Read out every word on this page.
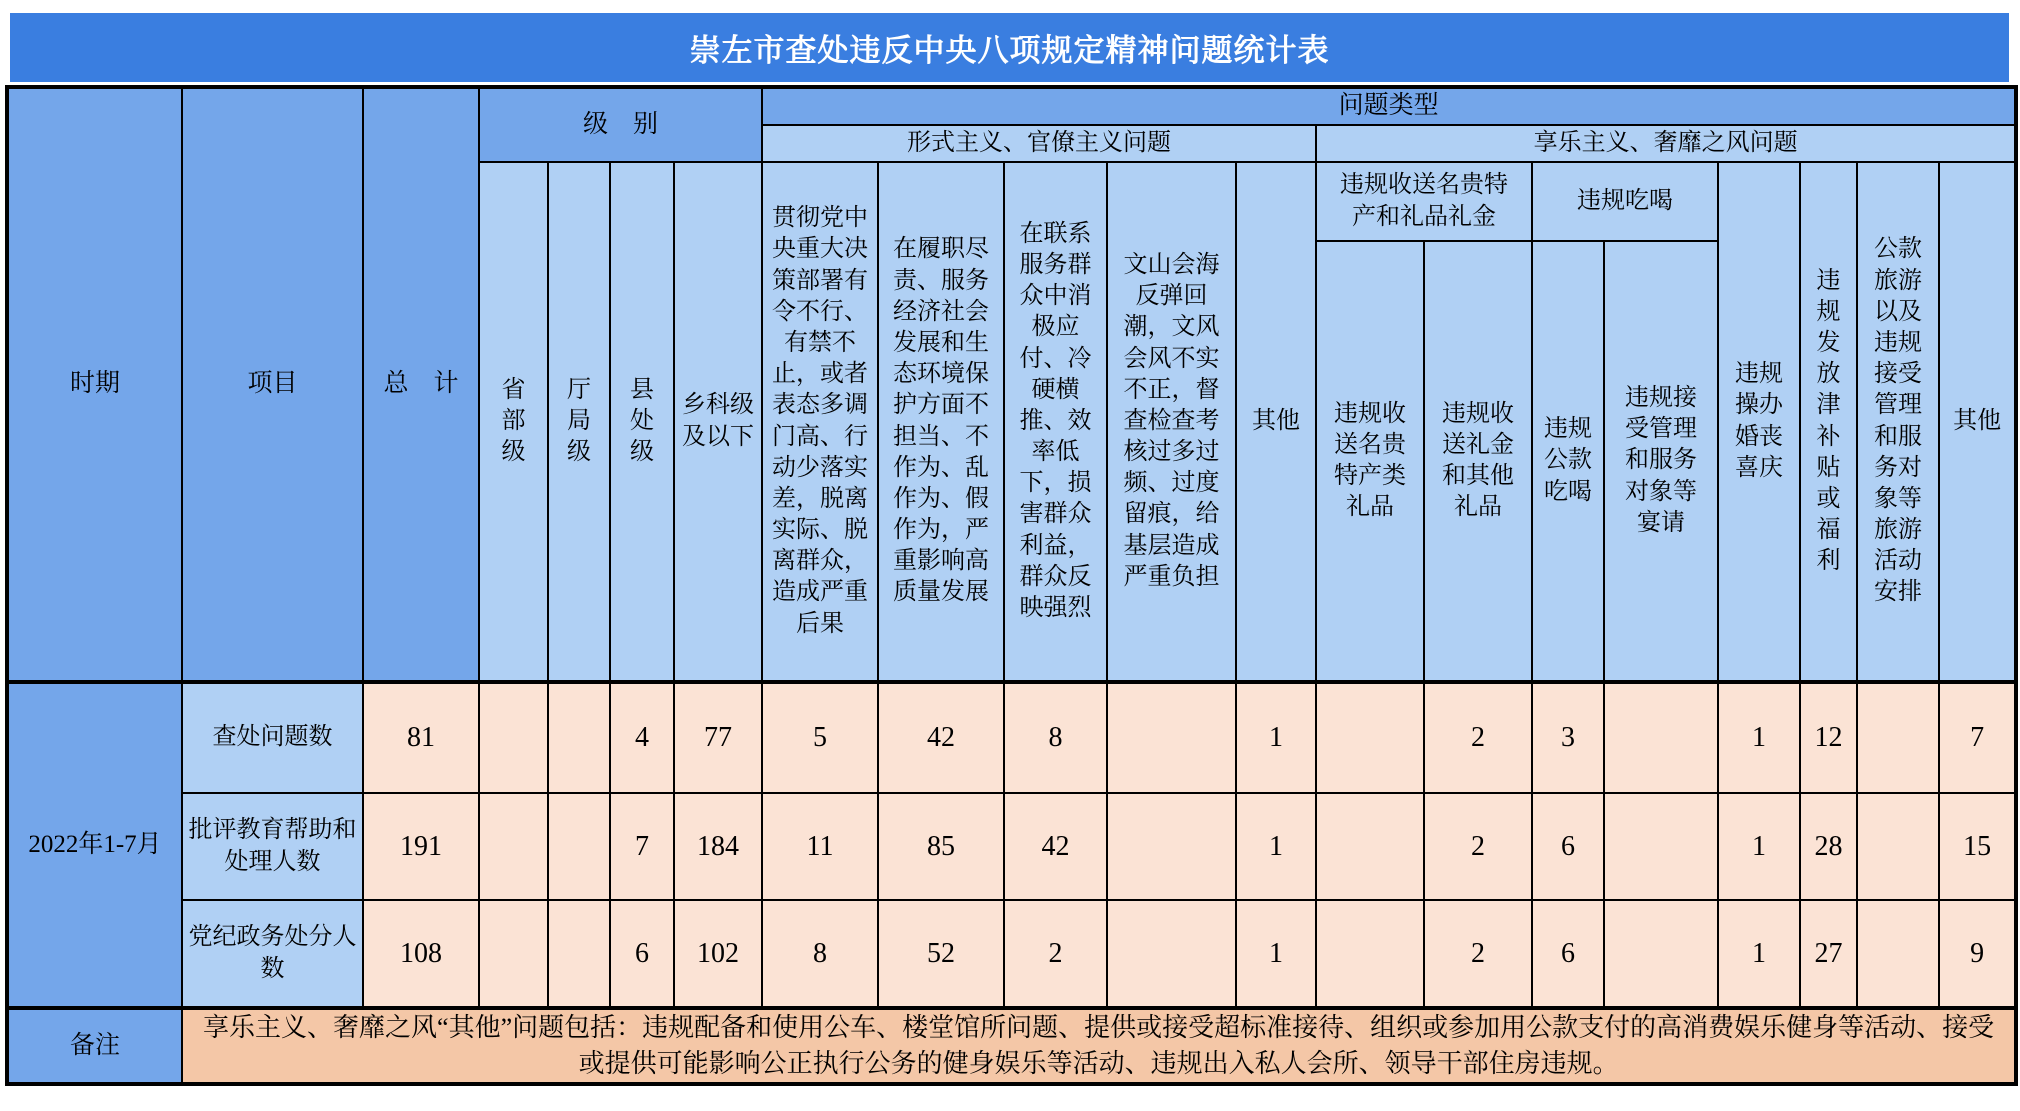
崇左市查处违反中央八项规定精神问题统计表
时期	项目	总　计	级　别				问题类型												
							形式主义、官僚主义问题					享乐主义、奢靡之风问题							
			省部级	厅局级	县处级	乡科级及以下	贯彻党中央重大决策部署有令不行、有禁不止，或者表态多调门高、行动少落实差，脱离实际、脱离群众，造成严重后果	在履职尽责、服务经济社会发展和生态环境保护方面不担当、不作为、乱作为、假作为，严重影响高质量发展	在联系服务群众中消极应付、冷硬横推、效率低下，损害群众利益，群众反映强烈	文山会海反弹回潮，文风会风不实不正，督查检查考核过多过频、过度留痕，给基层造成严重负担	其他	违规收送名贵特产和礼品礼金		违规吃喝		违规操办婚丧喜庆	违规发放津补贴或福利	公款旅游以及违规接受管理和服务对象等旅游活动安排	其他
												违规收送名贵特产类礼品	违规收送礼金和其他礼品	违规公款吃喝	违规接受管理和服务对象等宴请				
2022年1-7月	查处问题数	81			4	77	5	42	8		1		2	3		1	12		7
	批评教育帮助和处理人数	191			7	184	11	85	42		1		2	6		1	28		15
	党纪政务处分人数	108			6	102	8	52	2		1		2	6		1	27		9
备注	享乐主义、奢靡之风“其他”问题包括：违规配备和使用公车、楼堂馆所问题、提供或接受超标准接待、组织或参加用公款支付的高消费娱乐健身等活动、接受或提供可能影响公正执行公务的健身娱乐等活动、违规出入私人会所、领导干部住房违规。																		
